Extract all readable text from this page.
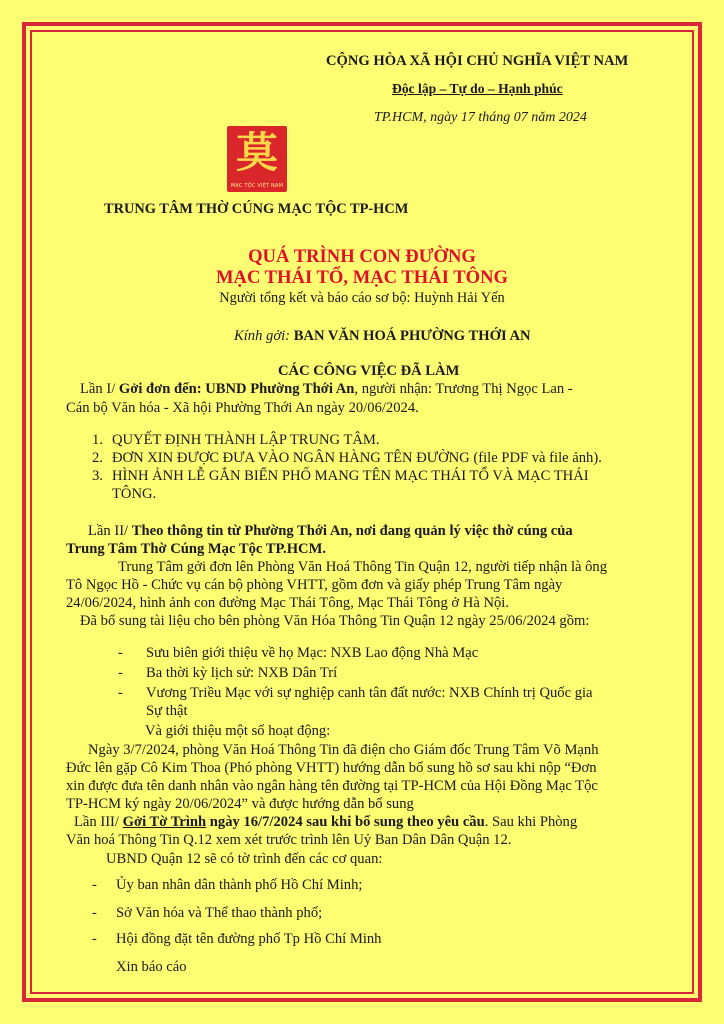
CỘNG HÒA XÃ HỘI CHỦ NGHĨA VIỆT NAM
Độc lập – Tự do – Hạnh phúc
TP.HCM, ngày 17 tháng 07 năm 2024
莫
MẠC TỘC VIỆT NAM
TRUNG TÂM THỜ CÚNG MẠC TỘC TP-HCM
QUÁ TRÌNH CON ĐƯỜNG
MẠC THÁI TỔ, MẠC THÁI TÔNG
Người tổng kết và báo cáo sơ bộ: Huỳnh Hải Yến
Kính gởi: BAN VĂN HOÁ PHƯỜNG THỚI AN
CÁC CÔNG VIỆC ĐÃ LÀM
Lần I/ Gởi đơn đến: UBND Phường Thới An, người nhận: Trương Thị Ngọc Lan -
Cán bộ Văn hóa - Xã hội Phường Thới An ngày 20/06/2024.
1. QUYẾT ĐỊNH THÀNH LẬP TRUNG TÂM.
2. ĐƠN XIN ĐƯỢC ĐƯA VÀO NGÂN HÀNG TÊN ĐƯỜNG (file PDF và file ảnh).
3. HÌNH ẢNH LỄ GẮN BIỂN PHỐ MANG TÊN MẠC THÁI TỔ VÀ MẠC THÁI
TÔNG.
Lần II/ Theo thông tin từ Phường Thới An, nơi đang quản lý việc thờ cúng của
Trung Tâm Thờ Cúng Mạc Tộc TP.HCM.
Trung Tâm gởi đơn lên Phòng Văn Hoá Thông Tin Quận 12, người tiếp nhận là ông
Tô Ngọc Hồ - Chức vụ cán bộ phòng VHTT, gồm đơn và giấy phép Trung Tâm ngày
24/06/2024, hình ảnh con đường Mạc Thái Tông, Mạc Thái Tông ở Hà Nội.
Đã bổ sung tài liệu cho bên phòng Văn Hóa Thông Tin Quận 12 ngày 25/06/2024 gồm:
- Sưu biên giới thiệu về họ Mạc: NXB Lao động Nhà Mạc
- Ba thời kỳ lịch sử: NXB Dân Trí
- Vương Triều Mạc với sự nghiệp canh tân đất nước: NXB Chính trị Quốc gia
Sự thật
Và giới thiệu một số hoạt động:
Ngày 3/7/2024, phòng Văn Hoá Thông Tin đã điện cho Giám đốc Trung Tâm Võ Mạnh
Đức lên gặp Cô Kim Thoa (Phó phòng VHTT) hướng dẫn bổ sung hồ sơ sau khi nộp “Đơn
xin được đưa tên danh nhân vào ngân hàng tên đường tại TP-HCM của Hội Đồng Mạc Tộc
TP-HCM ký ngày 20/06/2024” và được hướng dẫn bổ sung
Lần III/ Gởi Tờ Trình ngày 16/7/2024 sau khi bổ sung theo yêu cầu. Sau khi Phòng
Văn hoá Thông Tin Q.12 xem xét trước trình lên Uỷ Ban Dân Dân Quận 12.
UBND Quận 12 sẽ có tờ trình đến các cơ quan:
- Ủy ban nhân dân thành phố Hồ Chí Minh;
- Sở Văn hóa và Thể thao thành phố;
- Hội đồng đặt tên đường phố Tp Hồ Chí Minh
Xin báo cáo
